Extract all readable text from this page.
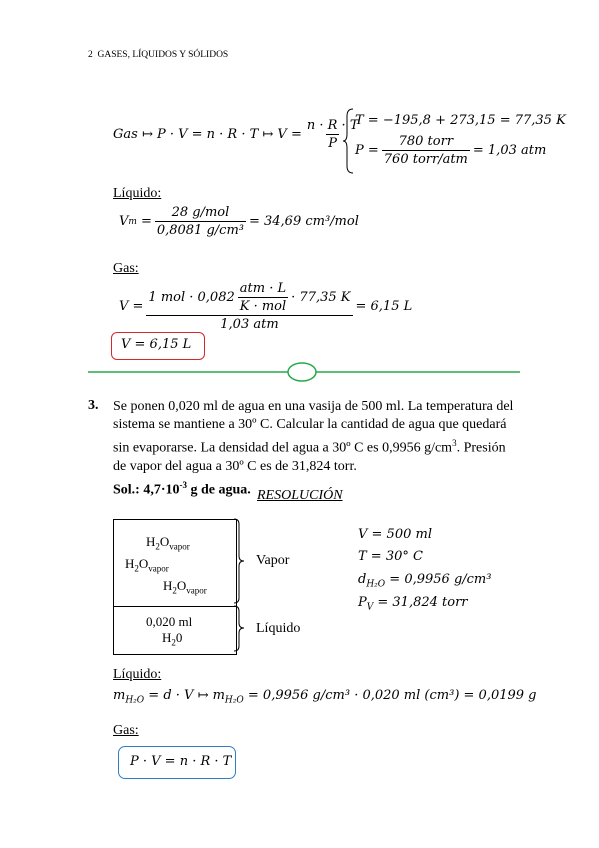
2 GASES, LÍQUIDOS Y SÓLIDOS
Gas ↦ P · V = n · R · T ↦ $V = \frac{n \cdot R \cdot T}{P}$
T = −195,8 + 273,15 = 77,35 K
$P = \frac{\text{780 torr}}{\text{760 torr/atm}} = 1,03$ atm
Líquido:
V $m = \frac{\text{28 g/mol}}{\text{0,8081 g/cm³}} = 34,69$ cm³/mol
Gas:
V =
1 mol · $0,082 \frac{\text{atm · L}}{\text{K · mol}} \cdot 77,35$ K
1,03 atm
= 6,15 L
V = 6,15 L
3. Se ponen 0,020 ml de agua en una vasija de 500 ml. La temperatura del
sistema se mantiene a 30º C. Calcular la cantidad de agua que quedará
sin evaporarse. La densidad del agua a 30º C es 0,9956 $g/cm^3$. Presión
de vapor del agua a 30º C es de 31,824 torr.
Sol.: $4,7\cdot 10^{-3}$ g de agua. RESOLUCIÓN
$H_2O_{vapor}$
$H_2O_{vapor}$
$H_2O_{vapor}$
0,020 ml
$H_20$
Vapor
Líquido
V = 500 ml
T = 30° C
$d_{H_2O} = 0,9956$ g/cm³
$P_V = 31,824$ torr
Líquido:
$m_{H_2O} = d \cdot V$ ↦ $m_{H_2O} = 0,9956$ g/cm³ · 0,020 ml (cm³) = 0,0199 g
Gas:
P · V = n · R · T
